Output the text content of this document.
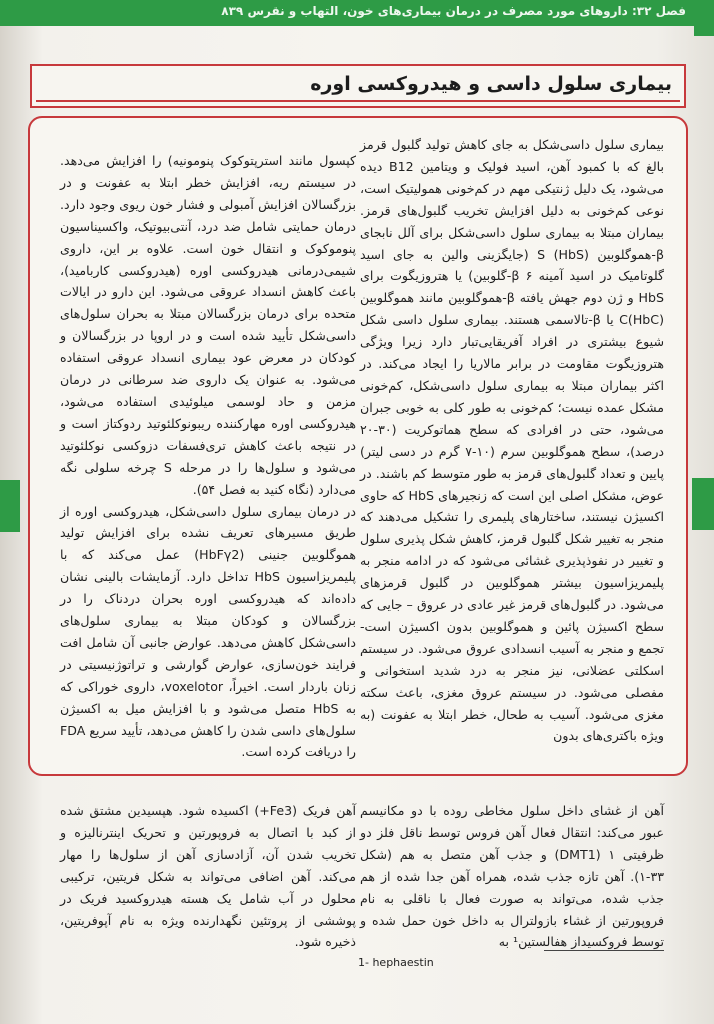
فصل ۳۲: داروهای مورد مصرف در درمان بیماری‌های خون، التهاب و نقرس ۸۳۹
بیماری سلول داسی و هیدروکسی اوره

بیماری سلول داسی‌شکل به جای کاهش تولید گلبول قرمز بالغ که با کمبود آهن، اسید فولیک و ویتامین B12 دیده می‌شود، یک دلیل ژنتیکی مهم در کم‌خونی همولیتیک است، نوعی کم‌خونی به دلیل افزایش تخریب گلبول‌های قرمز. بیماران مبتلا به بیماری سلول داسی‌شکل برای آلل نابجای β-هموگلوبین S (HbS) (جایگزینی والین به جای اسید گلوتامیک در اسید آمینه ۶ β-گلوبین) یا هتروزیگوت برای HbS و ژن دوم جهش یافته β-هموگلوبین مانند هموگلوبین C(HbC) یا β-تالاسمی هستند. بیماری سلول داسی شکل شیوع بیشتری در افراد آفریقایی‌تبار دارد زیرا ویژگی هتروزیگوت مقاومت در برابر مالاریا را ایجاد می‌کند. در اکثر بیماران مبتلا به بیماری سلول داسی‌شکل، کم‌خونی مشکل عمده نیست؛ کم‌خونی به طور کلی به خوبی جبران می‌شود، حتی در افرادی که سطح هماتوکریت (۳۰-۲۰ درصد)، سطح هموگلوبین سرم (۱۰-۷ گرم در دسی لیتر) پایین و تعداد گلبول‌های قرمز به طور متوسط کم باشند. در عوض، مشکل اصلی این است که زنجیرهای HbS که حاوی اکسیژن نیستند، ساختارهای پلیمری را تشکیل می‌دهند که منجر به تغییر شکل گلبول قرمز، کاهش شکل پذیری سلول و تغییر در نفوذپذیری غشائی می‌شود که در ادامه منجر به پلیمریزاسیون بیشتر هموگلوبین در گلبول قرمزهای می‌شود. در گلبول‌های قرمز غیر عادی در عروق – جایی که سطح اکسیژن پائین و هموگلوبین بدون اکسیژن است- تجمع و منجر به آسیب انسدادی عروق می‌شود. در سیستم اسکلتی عضلانی، نیز منجر به درد شدید استخوانی و مفصلی می‌شود. در سیستم عروق مغزی، باعث سکته مغزی می‌شود. آسیب به طحال، خطر ابتلا به عفونت (به ویژه باکتری‌های بدون

کپسول مانند استرپتوکوک پنومونیه) را افزایش می‌دهد. در سیستم ریه، افزایش خطر ابتلا به عفونت و در بزرگسالان افزایش آمبولی و فشار خون ریوی وجود دارد. درمان حمایتی شامل ضد درد، آنتی‌بیوتیک، واکسیناسیون پنوموکوک و انتقال خون است. علاوه بر این، داروی شیمی‌درمانی هیدروکسی اوره (هیدروکسی کاربامید)، باعث کاهش انسداد عروقی می‌شود. این دارو در ایالات متحده برای درمان بزرگسالان مبتلا به بحران سلول‌های داسی‌شکل تأیید شده است و در اروپا در بزرگسالان و کودکان در معرض عود بیماری انسداد عروقی استفاده می‌شود. به عنوان یک داروی ضد سرطانی در درمان مزمن و حاد لوسمی میلوئیدی استفاده می‌شود، هیدروکسی اوره مهارکننده ریبونوکلئوتید ردوکتاز است و در نتیجه باعث کاهش تری‌فسفات دزوکسی نوکلئوتید می‌شود و سلول‌ها را در مرحله S چرخه سلولی نگه می‌دارد (نگاه کنید به فصل ۵۴).

در درمان بیماری سلول داسی‌شکل، هیدروکسی اوره از طریق مسیرهای تعریف نشده برای افزایش تولید هموگلوبین جنینی (HbFγ2) عمل می‌کند که با پلیمریزاسیون HbS تداخل دارد. آزمایشات بالینی نشان داده‌اند که هیدروکسی اوره بحران دردناک را در بزرگسالان و کودکان مبتلا به بیماری سلول‌های داسی‌شکل کاهش می‌دهد. عوارض جانبی آن شامل افت فرایند خون‌سازی، عوارض گوارشی و تراتوژنیسیتی در زنان باردار است. اخیراً، voxelotor، داروی خوراکی که به HbS متصل می‌شود و با افزایش میل به اکسیژن سلول‌های داسی شدن را کاهش می‌دهد، تأیید سریع FDA را دریافت کرده است.

آهن از غشای داخل سلول مخاطی روده با دو مکانیسم عبور می‌کند: انتقال فعال آهن فروس توسط ناقل فلز دو ظرفیتی ۱ (DMT1) و جذب آهن متصل به هم (شکل ۳۳-۱). آهن تازه جذب شده، همراه آهن جدا شده از هم جذب شده، می‌تواند به صورت فعال با ناقلی به نام فروپورتین از غشاء بازولترال به داخل خون حمل شده و توسط فروکسیداز هفالستین¹ به

آهن فریک (Fe3+) اکسیده شود. هپسیدین مشتق شده از کبد با اتصال به فروپورتین و تحریک اینترنالیزه و تخریب شدن آن، آزادسازی آهن از سلول‌ها را مهار می‌کند. آهن اضافی می‌تواند به شکل فریتین، ترکیبی محلول در آب شامل یک هسته هیدروکسید فریک در پوششی از پروتئین نگهدارنده ویژه به نام آپوفریتین، ذخیره شود.

1- hephaestin
